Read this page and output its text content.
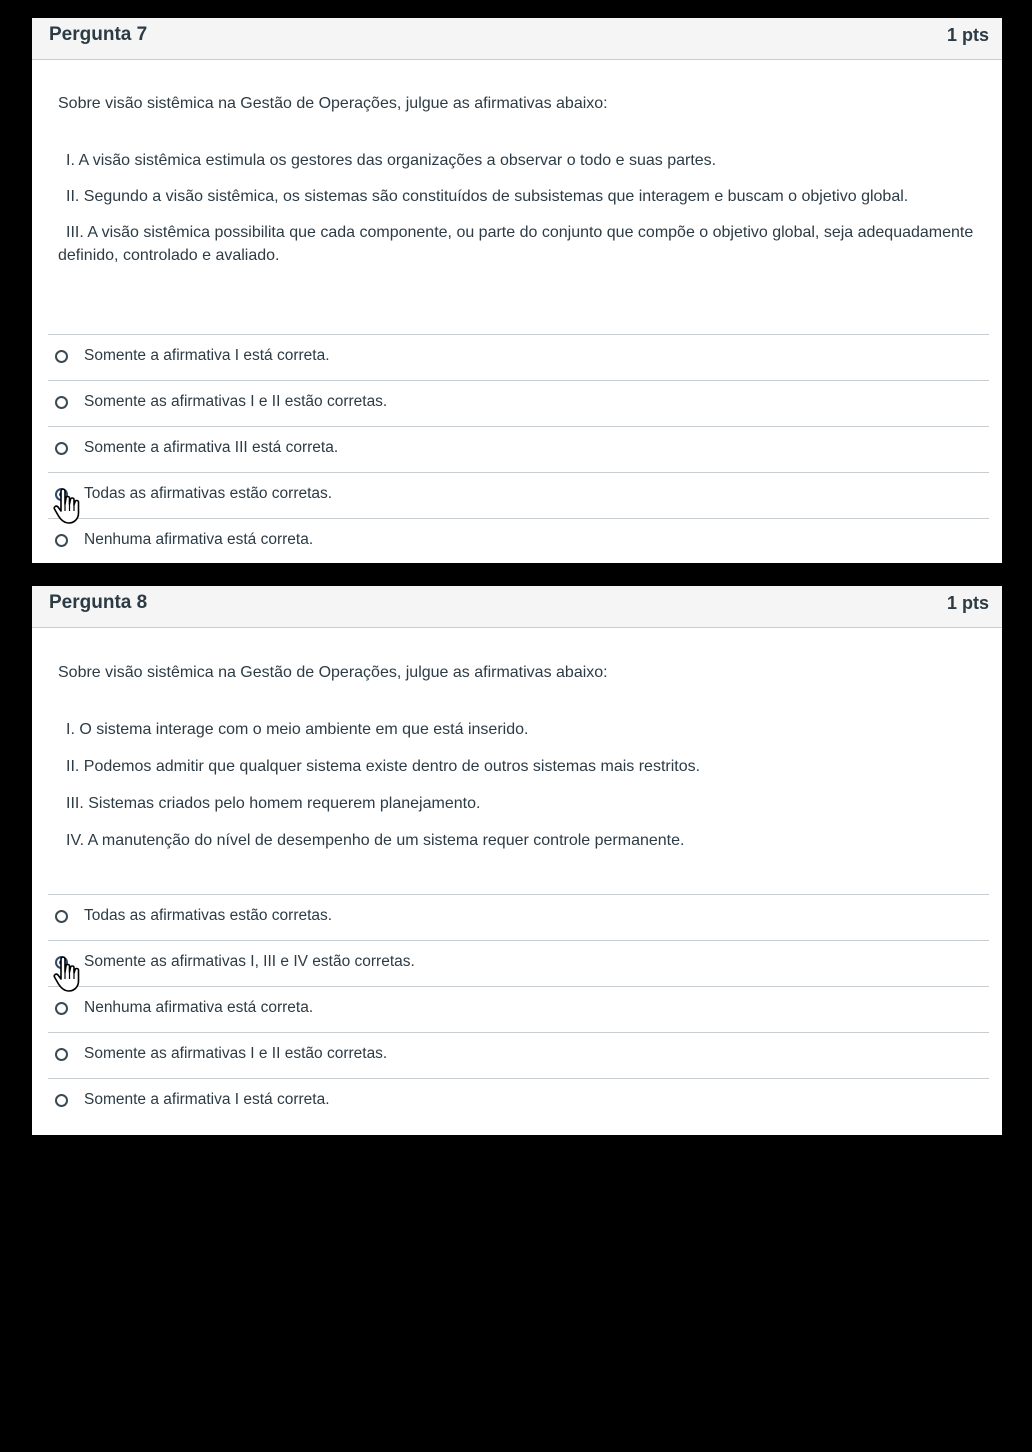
Pergunta 7	1 pts
Sobre visão sistêmica na Gestão de Operações, julgue as afirmativas abaixo:

I. A visão sistêmica estimula os gestores das organizações a observar o todo e suas partes.

II. Segundo a visão sistêmica, os sistemas são constituídos de subsistemas que interagem e buscam o objetivo global.

III. A visão sistêmica possibilita que cada componente, ou parte do conjunto que compõe o objetivo global, seja adequadamente definido, controlado e avaliado.

Somente a afirmativa I está correta.
Somente as afirmativas I e II estão corretas.
Somente a afirmativa III está correta.
Todas as afirmativas estão corretas.
Nenhuma afirmativa está correta.
Pergunta 8	1 pts
Sobre visão sistêmica na Gestão de Operações, julgue as afirmativas abaixo:

I. O sistema interage com o meio ambiente em que está inserido.

II. Podemos admitir que qualquer sistema existe dentro de outros sistemas mais restritos.

III. Sistemas criados pelo homem requerem planejamento.

IV. A manutenção do nível de desempenho de um sistema requer controle permanente.

Todas as afirmativas estão corretas.
Somente as afirmativas I, III e IV estão corretas.
Nenhuma afirmativa está correta.
Somente as afirmativas I e II estão corretas.
Somente a afirmativa I está correta.
